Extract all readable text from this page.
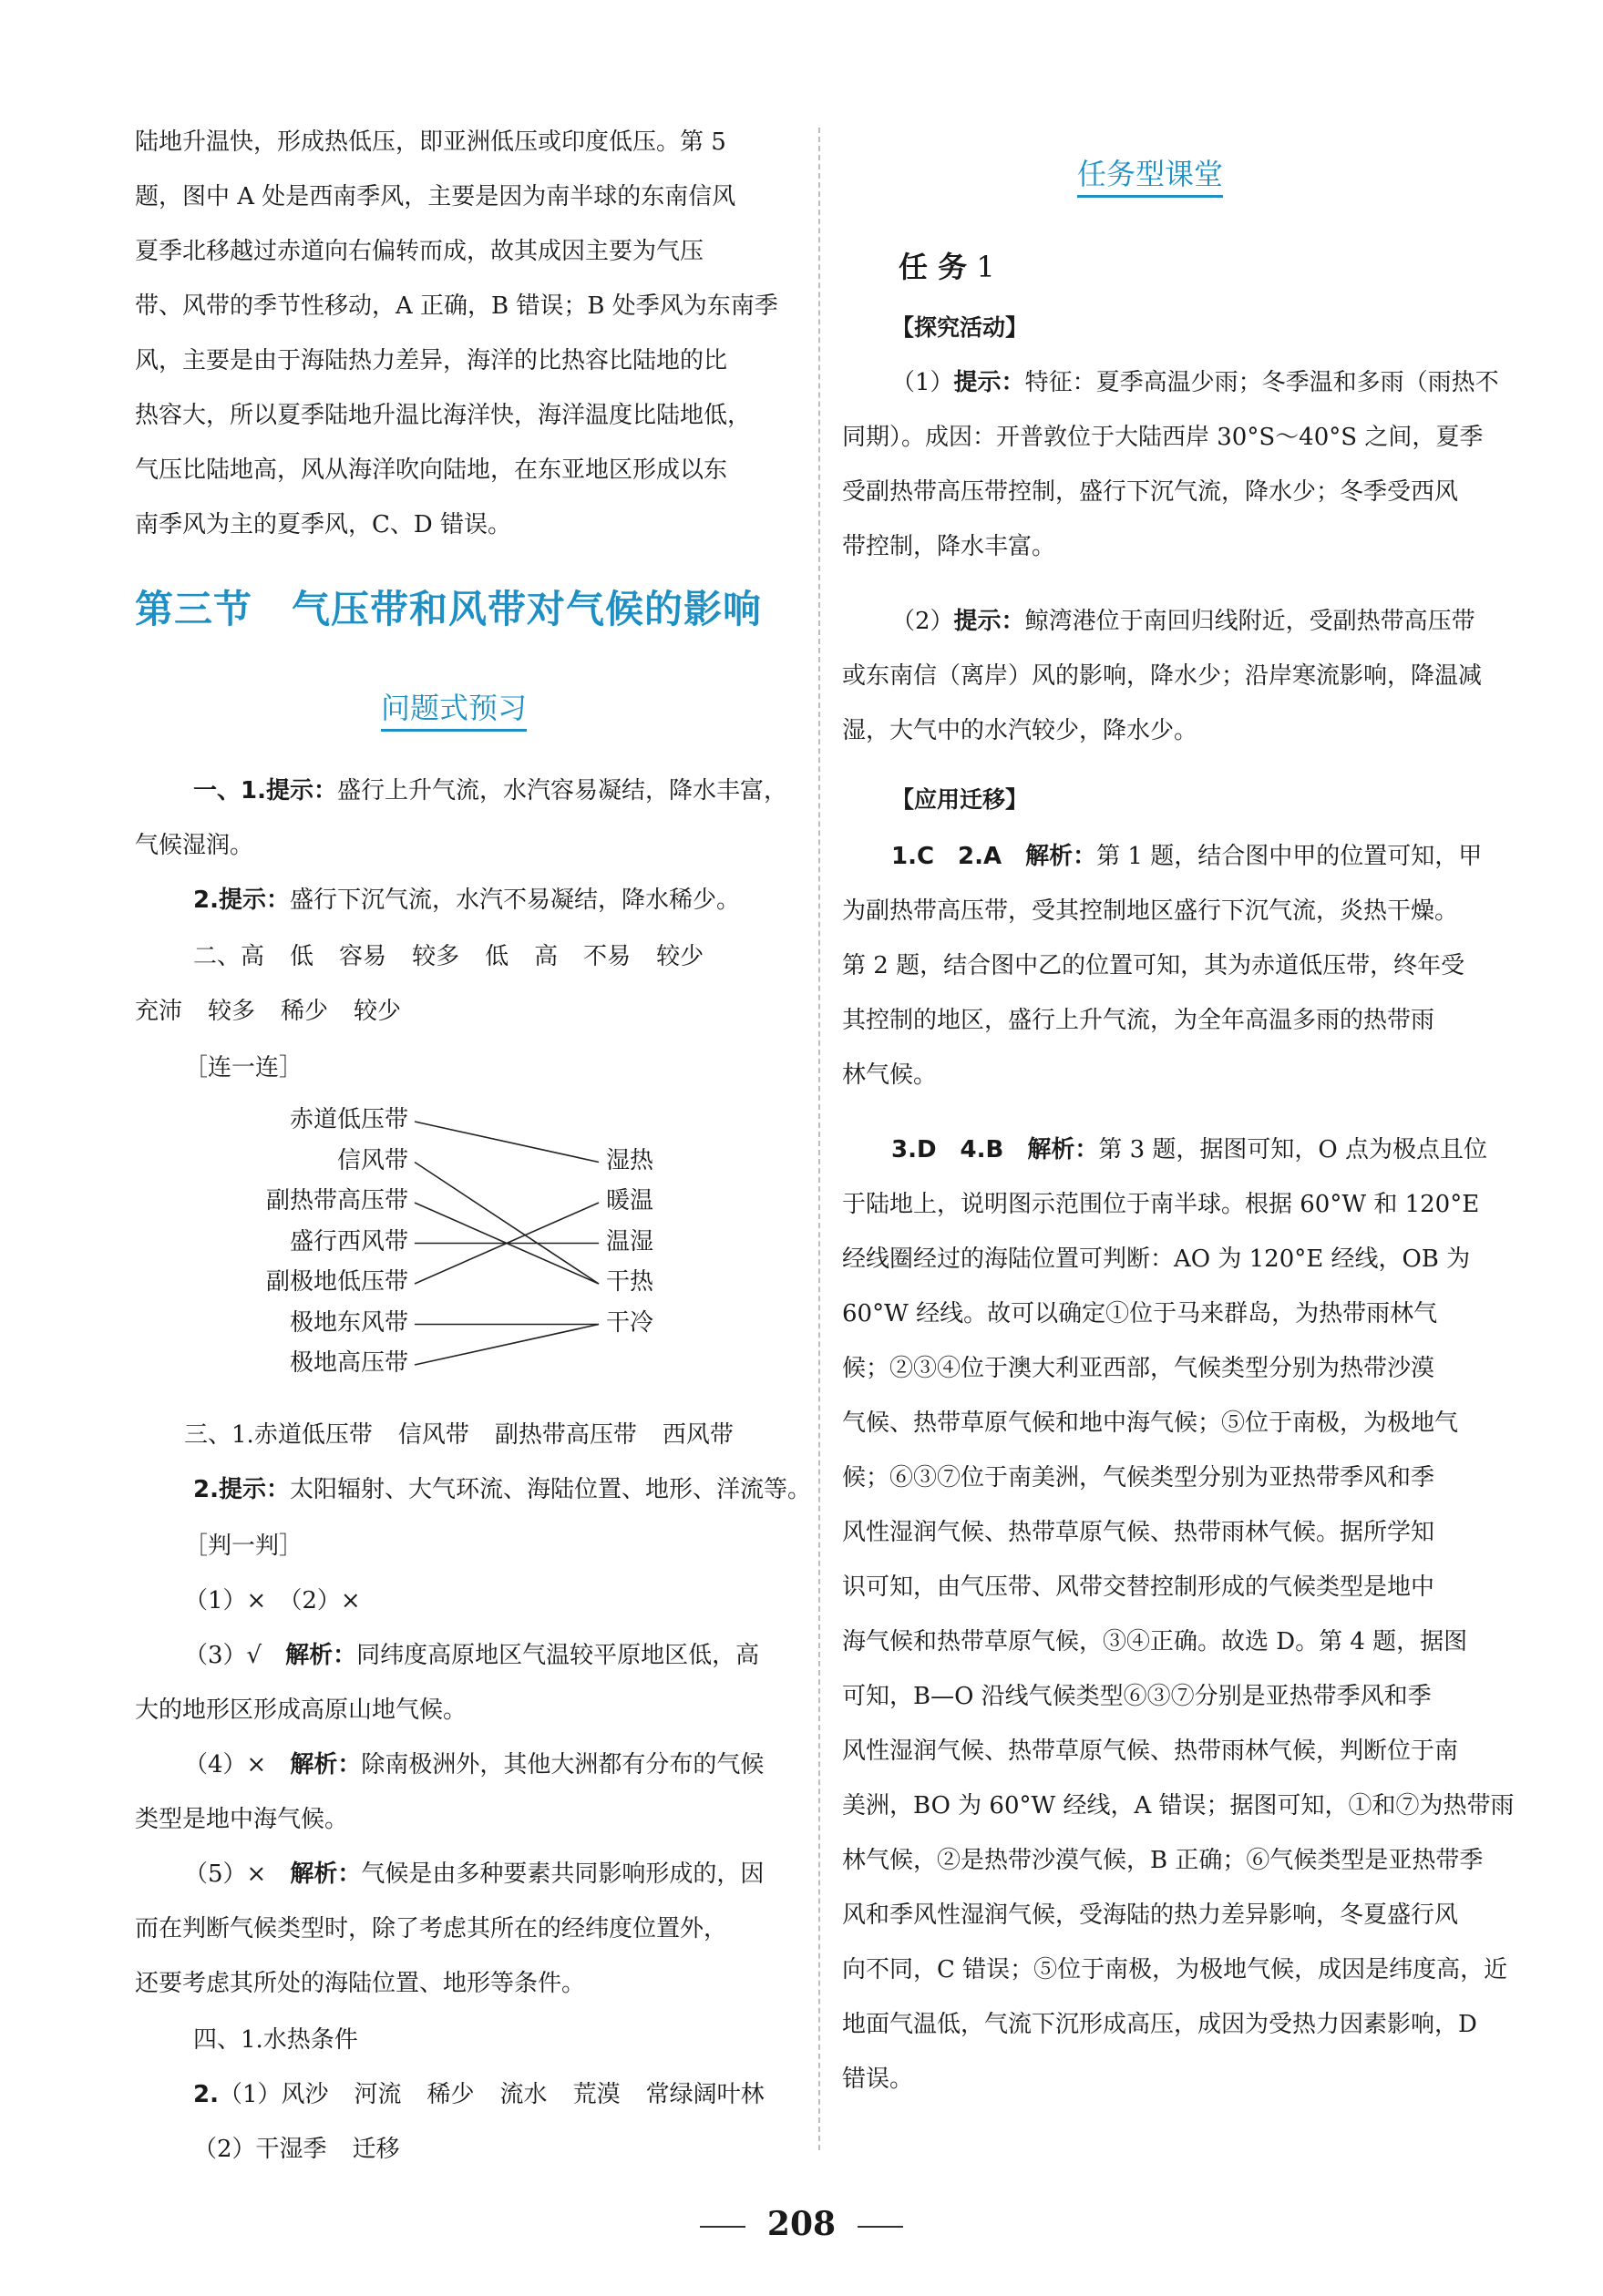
陆地升温快，形成热低压，即亚洲低压或印度低压。第 5
题，图中 A 处是西南季风，主要是因为南半球的东南信风
夏季北移越过赤道向右偏转而成，故其成因主要为气压
带、风带的季节性移动，A 正确，B 错误；B 处季风为东南季
风，主要是由于海陆热力差异，海洋的比热容比陆地的比
热容大，所以夏季陆地升温比海洋快，海洋温度比陆地低，
气压比陆地高，风从海洋吹向陆地，在东亚地区形成以东
南季风为主的夏季风，C、D 错误。
第三节　气压带和风带对气候的影响
问题式预习
一、1.提示：盛行上升气流，水汽容易凝结，降水丰富，
气候湿润。
2.提示：盛行下沉气流，水汽不易凝结，降水稀少。
二、高 低 容易 较多 低 高 不易 较少
充沛 较多 稀少 较少
［连一连］
三、1.赤道低压带 信风带 副热带高压带 西风带
2.提示：太阳辐射、大气环流、海陆位置、地形、洋流等。
［判一判］
（1）×　（2）×
（3）√　解析：同纬度高原地区气温较平原地区低，高
大的地形区形成高原山地气候。
（4）×　解析：除南极洲外，其他大洲都有分布的气候
类型是地中海气候。
（5）×　解析：气候是由多种要素共同影响形成的，因
而在判断气候类型时，除了考虑其所在的经纬度位置外，
还要考虑其所处的海陆位置、地形等条件。
四、1.水热条件
2.（1）风沙 河流 稀少 流水 荒漠 常绿阔叶林
（2）干湿季 迁移
赤道低压带
信风带
副热带高压带
盛行西风带
副极地低压带
极地东风带
极地高压带
湿热
暖温
温湿
干热
干冷
任务型课堂
任 务 1
【探究活动】
（1）提示：特征：夏季高温少雨；冬季温和多雨（雨热不
同期）。成因：开普敦位于大陆西岸 30°S～40°S 之间，夏季
受副热带高压带控制，盛行下沉气流，降水少；冬季受西风
带控制，降水丰富。
（2）提示：鲸湾港位于南回归线附近，受副热带高压带
或东南信（离岸）风的影响，降水少；沿岸寒流影响，降温减
湿，大气中的水汽较少，降水少。
【应用迁移】
1.C　2.A　解析：第 1 题，结合图中甲的位置可知，甲
为副热带高压带，受其控制地区盛行下沉气流，炎热干燥。
第 2 题，结合图中乙的位置可知，其为赤道低压带，终年受
其控制的地区，盛行上升气流，为全年高温多雨的热带雨
林气候。
3.D　4.B　解析：第 3 题，据图可知，O 点为极点且位
于陆地上，说明图示范围位于南半球。根据 60°W 和 120°E
经线圈经过的海陆位置可判断：AO 为 120°E 经线，OB 为
60°W 经线。故可以确定①位于马来群岛，为热带雨林气
候；②③④位于澳大利亚西部，气候类型分别为热带沙漠
气候、热带草原气候和地中海气候；⑤位于南极，为极地气
候；⑥③⑦位于南美洲，气候类型分别为亚热带季风和季
风性湿润气候、热带草原气候、热带雨林气候。据所学知
识可知，由气压带、风带交替控制形成的气候类型是地中
海气候和热带草原气候，③④正确。故选 D。第 4 题，据图
可知，B—O 沿线气候类型⑥③⑦分别是亚热带季风和季
风性湿润气候、热带草原气候、热带雨林气候，判断位于南
美洲，BO 为 60°W 经线，A 错误；据图可知，①和⑦为热带雨
林气候，②是热带沙漠气候，B 正确；⑥气候类型是亚热带季
风和季风性湿润气候，受海陆的热力差异影响，冬夏盛行风
向不同，C 错误；⑤位于南极，为极地气候，成因是纬度高，近
地面气温低，气流下沉形成高压，成因为受热力因素影响，D
错误。
208
